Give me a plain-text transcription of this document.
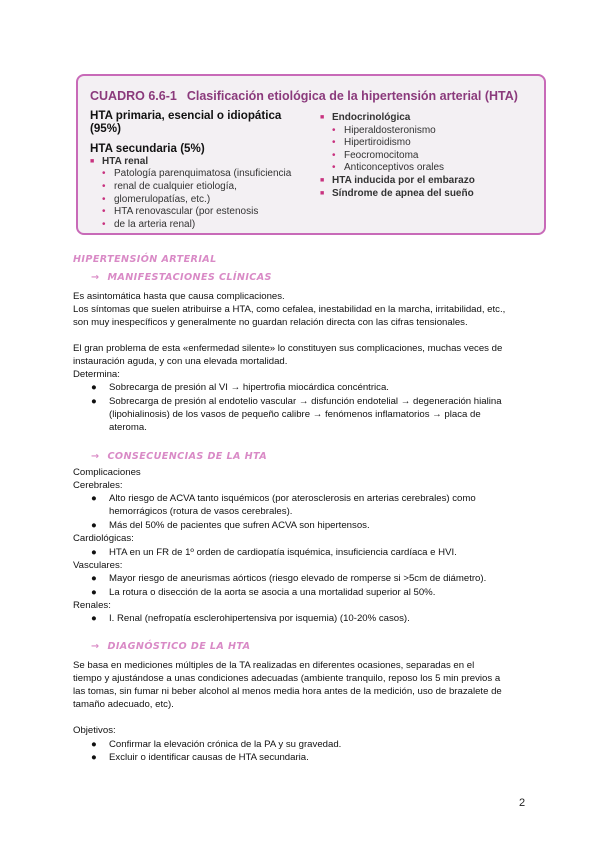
CUADRO 6.6-1 Clasificación etiológica de la hipertensión arterial (HTA)
HTA primaria, esencial o idiopática (95%)
HTA secundaria (5%)
■ HTA renal
• Patología parenquimatosa (insuficiencia
• renal de cualquier etiología,
• glomerulopatías, etc.)
• HTA renovascular (por estenosis
• de la arteria renal)
■ Endocrinológica
• Hiperaldosteronismo
• Hipertiroidismo
• Feocromocitoma
• Anticonceptivos orales
■ HTA inducida por el embarazo
■ Síndrome de apnea del sueño
HIPERTENSIÓN ARTERIAL
→ MANIFESTACIONES CLÍNICAS
Es asintomática hasta que causa complicaciones.
Los síntomas que suelen atribuirse a HTA, como cefalea, inestabilidad en la marcha, irritabilidad, etc.,
son muy inespecíficos y generalmente no guardan relación directa con las cifras tensionales.
El gran problema de esta «enfermedad silente» lo constituyen sus complicaciones, muchas veces de
instauración aguda, y con una elevada mortalidad.
Determina:
● Sobrecarga de presión al VI → hipertrofia miocárdica concéntrica.
● Sobrecarga de presión al endotelio vascular → disfunción endotelial → degeneración hialina
(lipohialinosis) de los vasos de pequeño calibre → fenómenos inflamatorios → placa de
ateroma.
→ CONSECUENCIAS DE LA HTA
Complicaciones
Cerebrales:
● Alto riesgo de ACVA tanto isquémicos (por aterosclerosis en arterias cerebrales) como
hemorrágicos (rotura de vasos cerebrales).
● Más del 50% de pacientes que sufren ACVA son hipertensos.
Cardiológicas:
● HTA en un FR de 1º orden de cardiopatía isquémica, insuficiencia cardíaca e HVI.
Vasculares:
● Mayor riesgo de aneurismas aórticos (riesgo elevado de romperse si >5cm de diámetro).
● La rotura o disección de la aorta se asocia a una mortalidad superior al 50%.
Renales:
● I. Renal (nefropatía esclerohipertensiva por isquemia) (10-20% casos).
→ DIAGNÓSTICO DE LA HTA
Se basa en mediciones múltiples de la TA realizadas en diferentes ocasiones, separadas en el
tiempo y ajustándose a unas condiciones adecuadas (ambiente tranquilo, reposo los 5 min previos a
las tomas, sin fumar ni beber alcohol al menos media hora antes de la medición, uso de brazalete de
tamaño adecuado, etc).
Objetivos:
● Confirmar la elevación crónica de la PA y su gravedad.
● Excluir o identificar causas de HTA secundaria.
2
